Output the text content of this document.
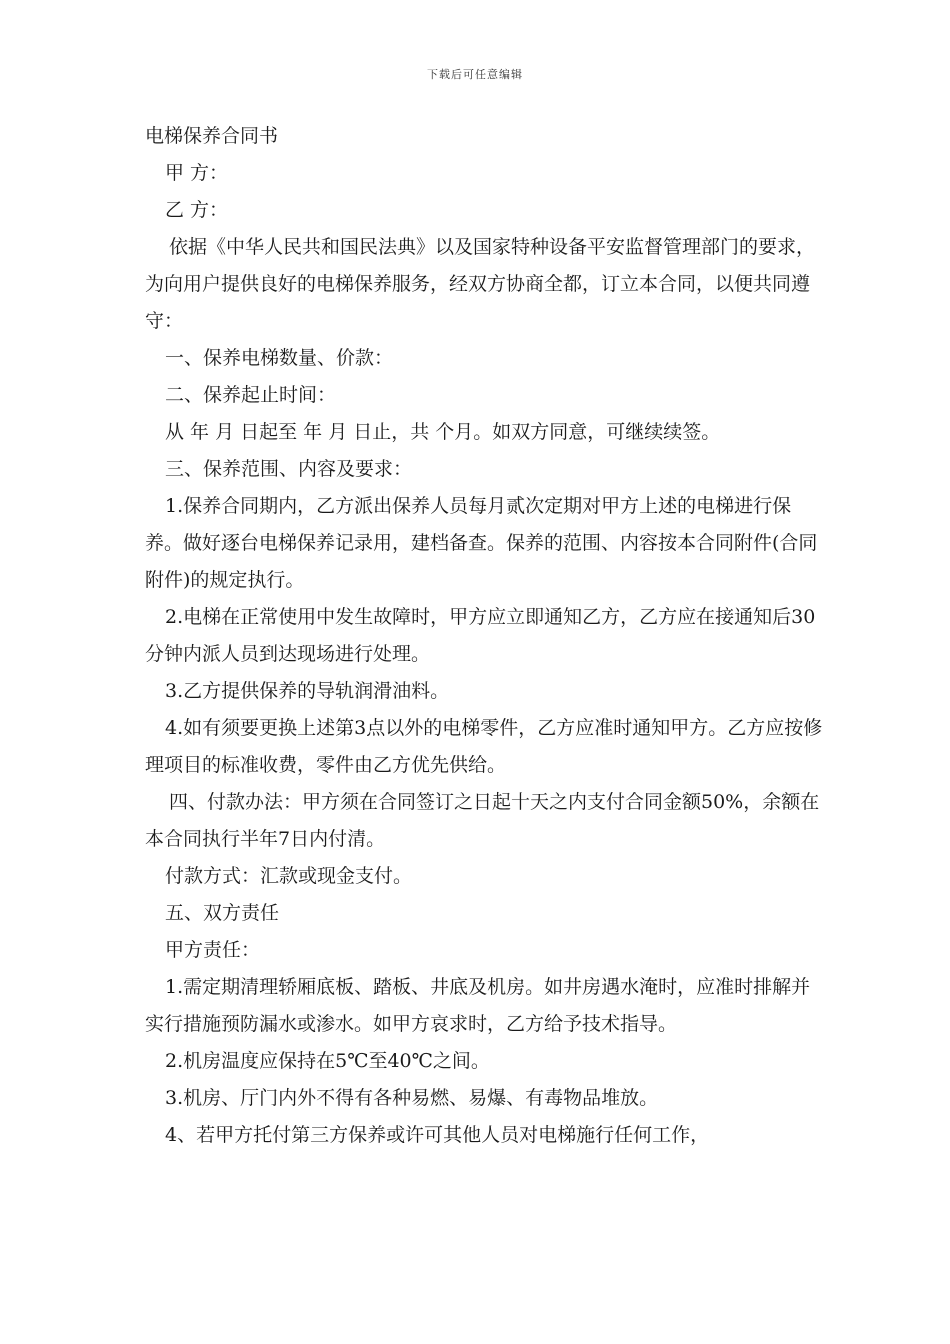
下载后可任意编辑

电梯保养合同书

甲 方：

乙 方：

依据《中华人民共和国民法典》以及国家特种设备平安监督管理部门的要求，为向用户提供良好的电梯保养服务，经双方协商全都，订立本合同，以便共同遵守：

一、保养电梯数量、价款：

二、保养起止时间：

从 年 月 日起至 年 月 日止，共 个月。如双方同意，可继续续签。

三、保养范围、内容及要求：

1.保养合同期内，乙方派出保养人员每月贰次定期对甲方上述的电梯进行保养。做好逐台电梯保养记录用，建档备查。保养的范围、内容按本合同附件(合同附件)的规定执行。

2.电梯在正常使用中发生故障时，甲方应立即通知乙方，乙方应在接通知后30分钟内派人员到达现场进行处理。

3.乙方提供保养的导轨润滑油料。

4.如有须要更换上述第3点以外的电梯零件，乙方应准时通知甲方。乙方应按修理项目的标准收费，零件由乙方优先供给。

四、付款办法：甲方须在合同签订之日起十天之内支付合同金额50%，余额在本合同执行半年7日内付清。

付款方式：汇款或现金支付。

五、双方责任

甲方责任：

1.需定期清理轿厢底板、踏板、井底及机房。如井房遇水淹时，应准时排解并实行措施预防漏水或渗水。如甲方哀求时，乙方给予技术指导。

2.机房温度应保持在5℃至40℃之间。

3.机房、厅门内外不得有各种易燃、易爆、有毒物品堆放。

4、若甲方托付第三方保养或许可其他人员对电梯施行任何工作，
